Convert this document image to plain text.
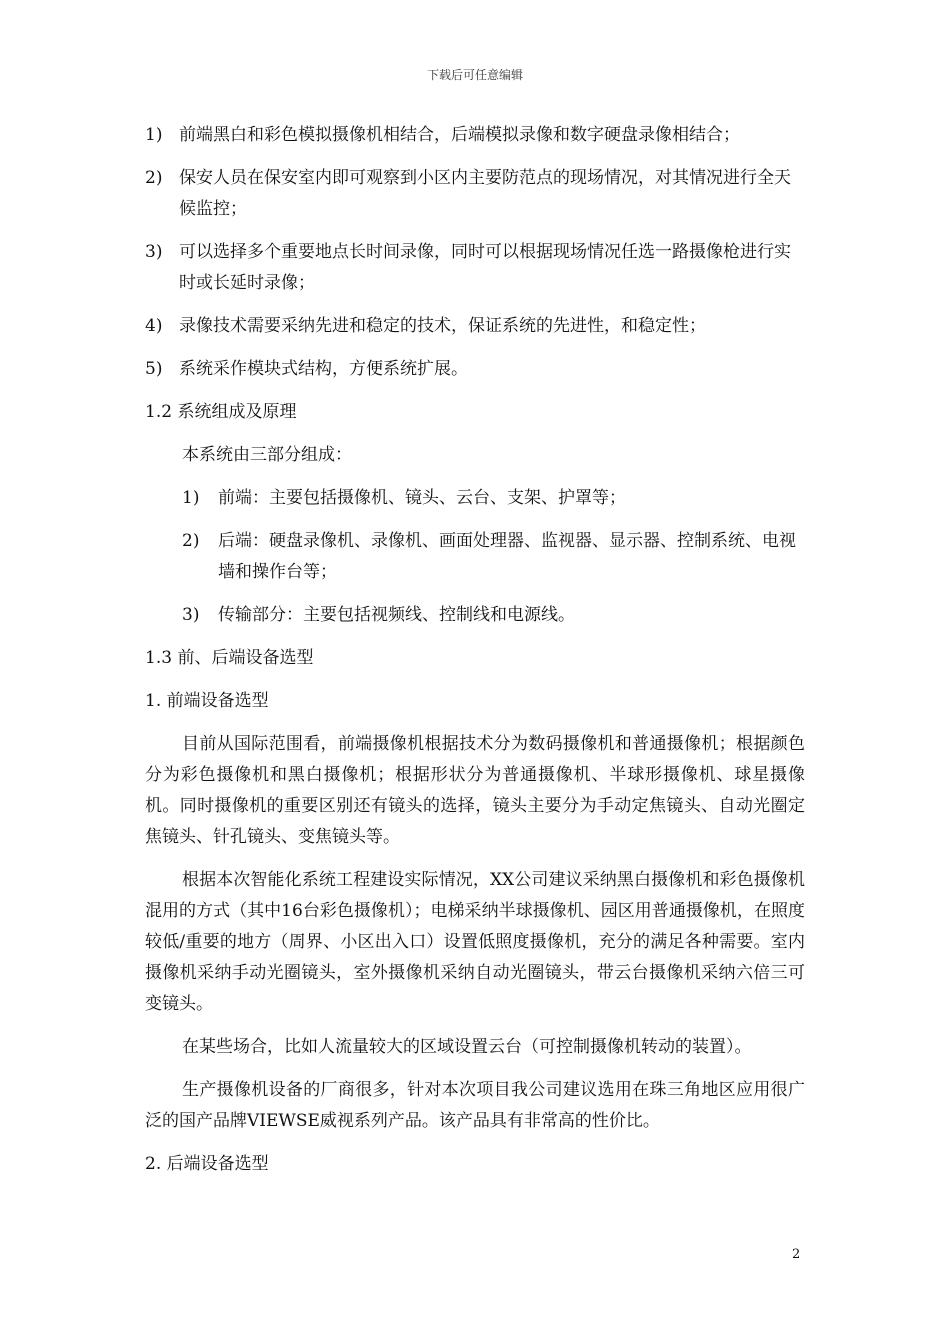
下载后可任意编辑
1) 前端黑白和彩色模拟摄像机相结合，后端模拟录像和数字硬盘录像相结合；
2) 保安人员在保安室内即可观察到小区内主要防范点的现场情况，对其情况进行全天候监控；
3) 可以选择多个重要地点长时间录像，同时可以根据现场情况任选一路摄像枪进行实时或长延时录像；
4) 录像技术需要采纳先进和稳定的技术，保证系统的先进性，和稳定性；
5) 系统采作模块式结构，方便系统扩展。
1.2 系统组成及原理
本系统由三部分组成：
1) 前端：主要包括摄像机、镜头、云台、支架、护罩等；
2) 后端：硬盘录像机、录像机、画面处理器、监视器、显示器、控制系统、电视墙和操作台等；
3) 传输部分：主要包括视频线、控制线和电源线。
1.3 前、后端设备选型
1. 前端设备选型
目前从国际范围看，前端摄像机根据技术分为数码摄像机和普通摄像机；根据颜色分为彩色摄像机和黑白摄像机；根据形状分为普通摄像机、半球形摄像机、球星摄像机。同时摄像机的重要区别还有镜头的选择，镜头主要分为手动定焦镜头、自动光圈定焦镜头、针孔镜头、变焦镜头等。
根据本次智能化系统工程建设实际情况，XX公司建议采纳黑白摄像机和彩色摄像机混用的方式（其中16台彩色摄像机）；电梯采纳半球摄像机、园区用普通摄像机，在照度较低/重要的地方（周界、小区出入口）设置低照度摄像机，充分的满足各种需要。室内摄像机采纳手动光圈镜头，室外摄像机采纳自动光圈镜头，带云台摄像机采纳六倍三可变镜头。
在某些场合，比如人流量较大的区域设置云台（可控制摄像机转动的装置）。
生产摄像机设备的厂商很多，针对本次项目我公司建议选用在珠三角地区应用很广泛的国产品牌VIEWSE威视系列产品。该产品具有非常高的性价比。
2. 后端设备选型
2
